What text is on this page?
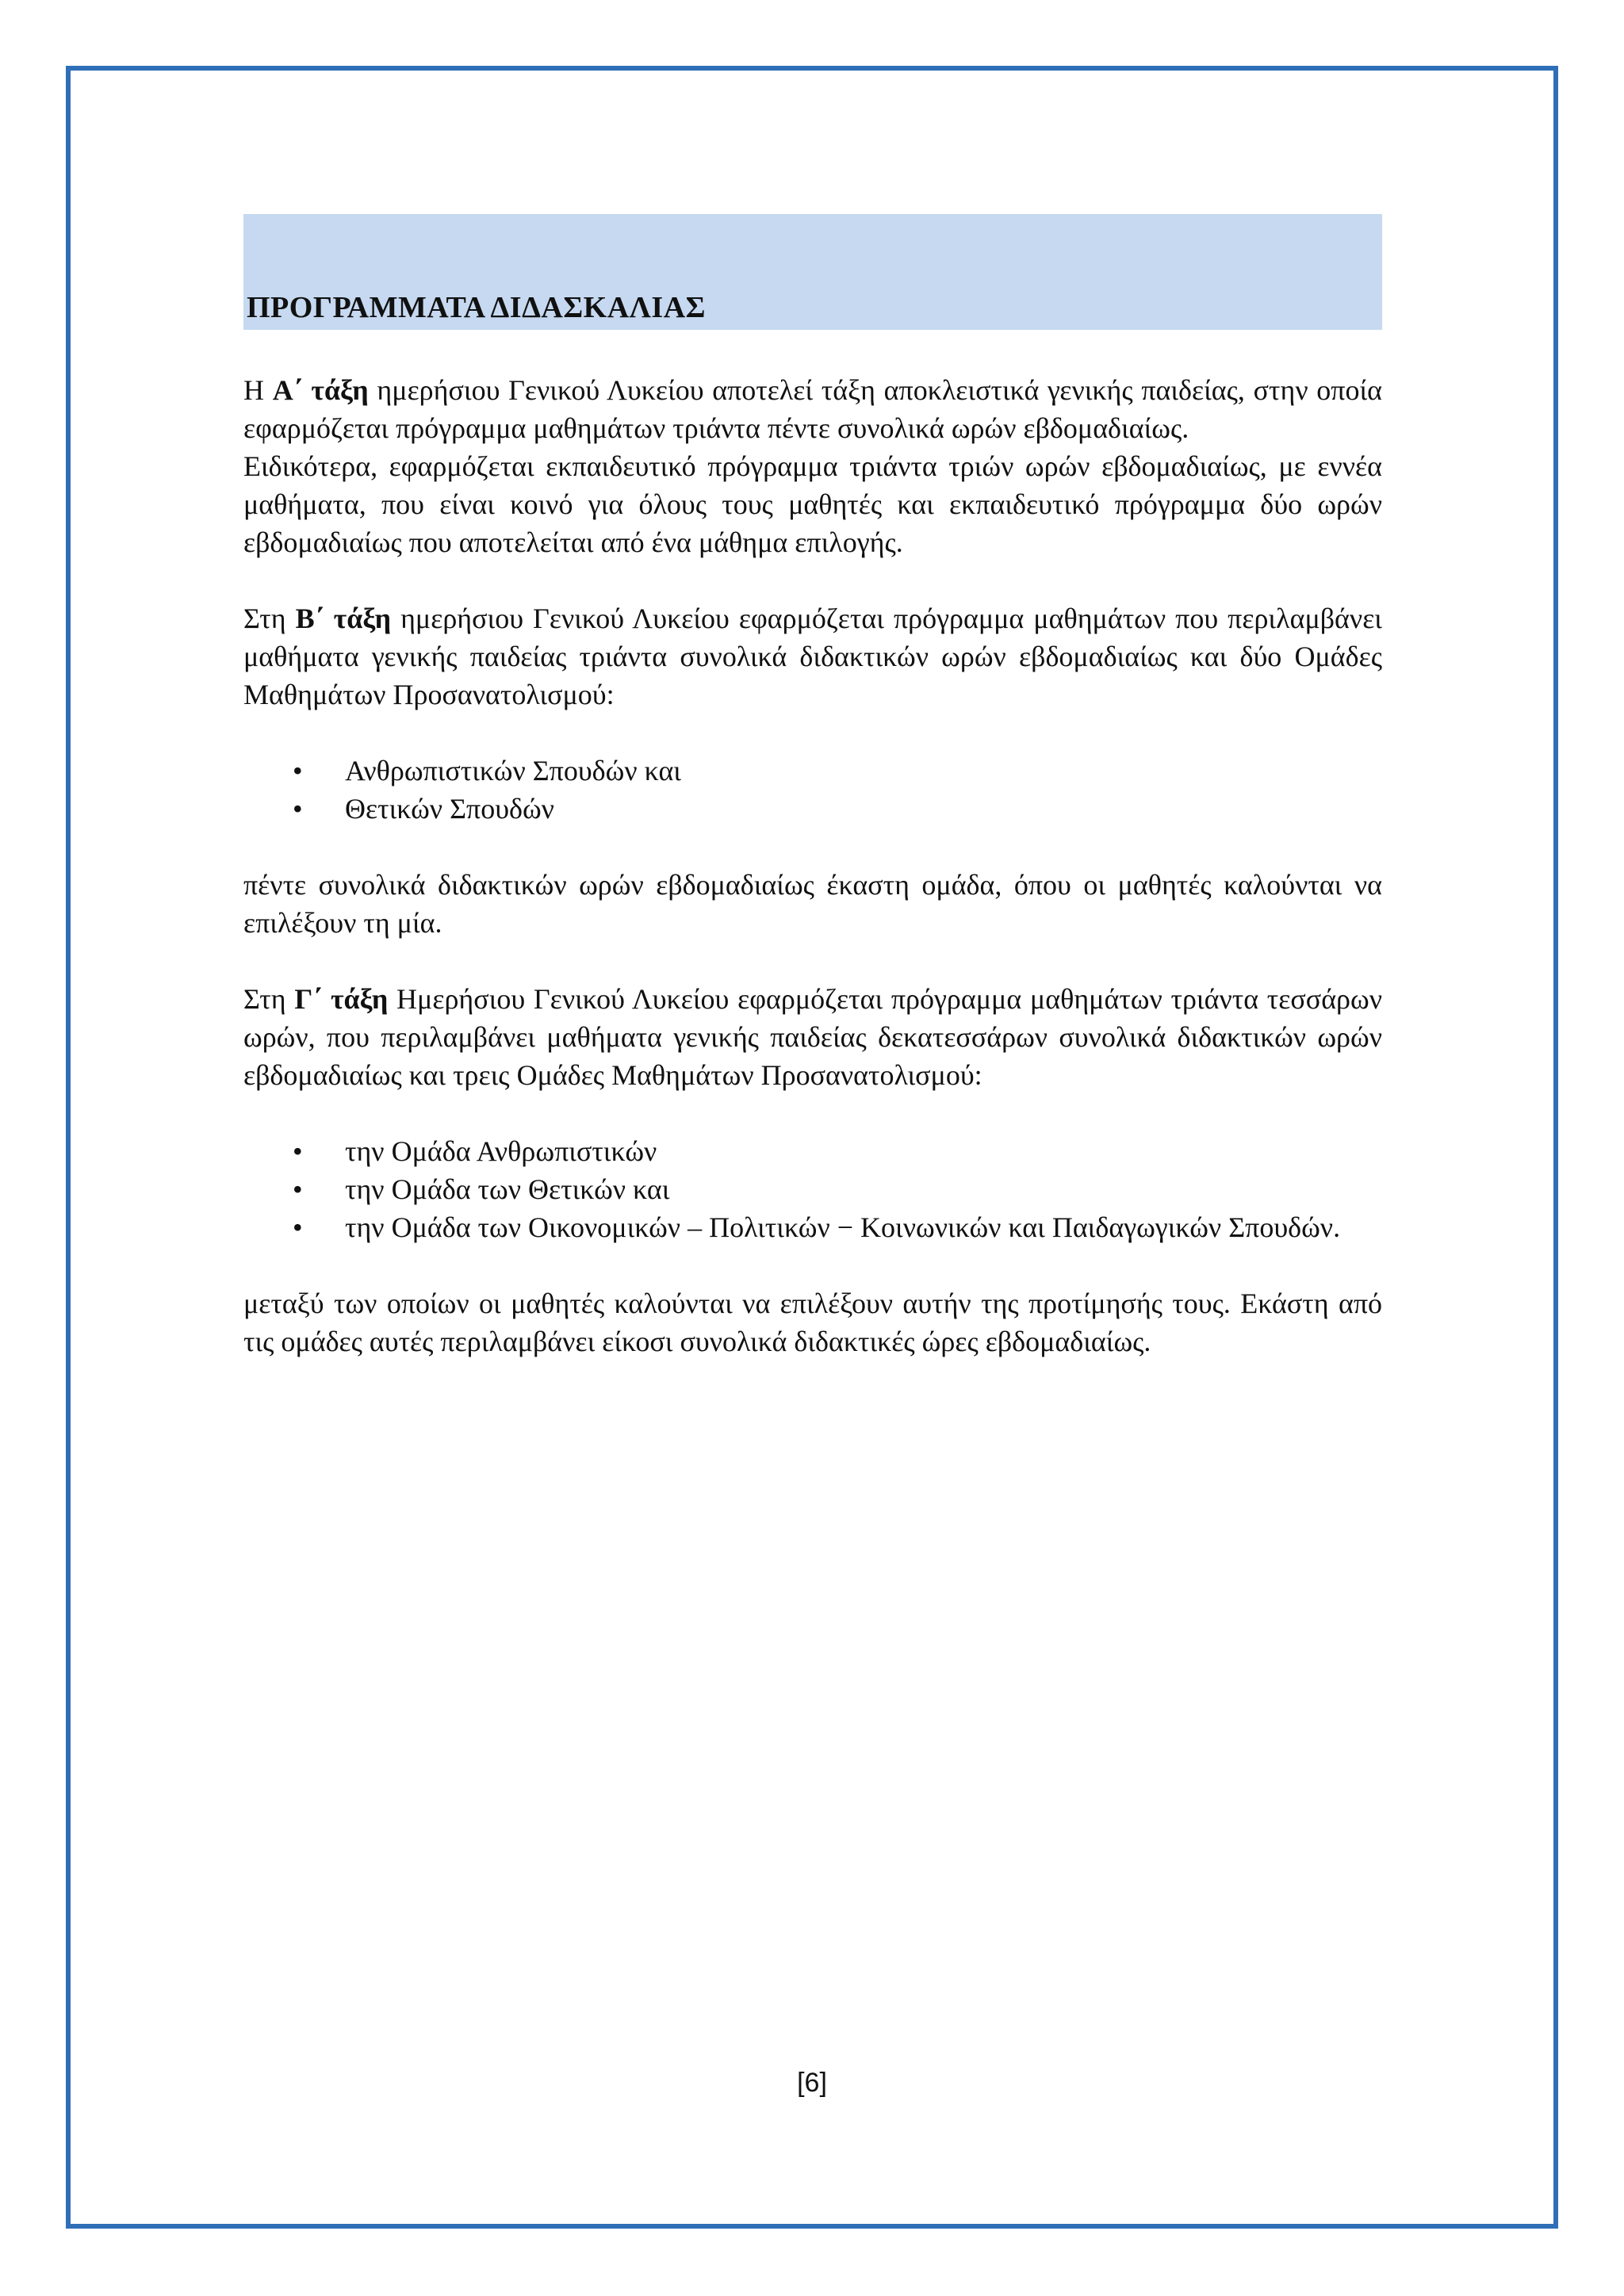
ΠΡΟΓΡΑΜΜΑΤΑ ΔΙΔΑΣΚΑΛΙΑΣ

Η Α΄ τάξη ημερήσιου Γενικού Λυκείου αποτελεί τάξη αποκλειστικά γενικής παιδείας, στην οποία εφαρμόζεται πρόγραμμα μαθημάτων τριάντα πέντε συνολικά ωρών εβδομαδιαίως.

Ειδικότερα, εφαρμόζεται εκπαιδευτικό πρόγραμμα τριάντα τριών ωρών εβδομαδιαίως, με εννέα μαθήματα, που είναι κοινό για όλους τους μαθητές και εκπαιδευτικό πρόγραμμα δύο ωρών εβδομαδιαίως που αποτελείται από ένα μάθημα επιλογής.

Στη Β΄ τάξη ημερήσιου Γενικού Λυκείου εφαρμόζεται πρόγραμμα μαθημάτων που περιλαμβάνει μαθήματα γενικής παιδείας τριάντα συνολικά διδακτικών ωρών εβδομαδιαίως και δύο Ομάδες Μαθημάτων Προσανατολισμού:

• Ανθρωπιστικών Σπουδών και
• Θετικών Σπουδών

πέντε συνολικά διδακτικών ωρών εβδομαδιαίως έκαστη ομάδα, όπου οι μαθητές καλούνται να επιλέξουν τη μία.

Στη Γ΄ τάξη Ημερήσιου Γενικού Λυκείου εφαρμόζεται πρόγραμμα μαθημάτων τριάντα τεσσάρων ωρών, που περιλαμβάνει μαθήματα γενικής παιδείας δεκατεσσάρων συνολικά διδακτικών ωρών εβδομαδιαίως και τρεις Ομάδες Μαθημάτων Προσανατολισμού:

• την Ομάδα Ανθρωπιστικών
• την Ομάδα των Θετικών και
• την Ομάδα των Οικονομικών – Πολιτικών − Κοινωνικών και Παιδαγωγικών Σπουδών.

μεταξύ των οποίων οι μαθητές καλούνται να επιλέξουν αυτήν της προτίμησής τους. Εκάστη από τις ομάδες αυτές περιλαμβάνει είκοσι συνολικά διδακτικές ώρες εβδομαδιαίως.

[6]
